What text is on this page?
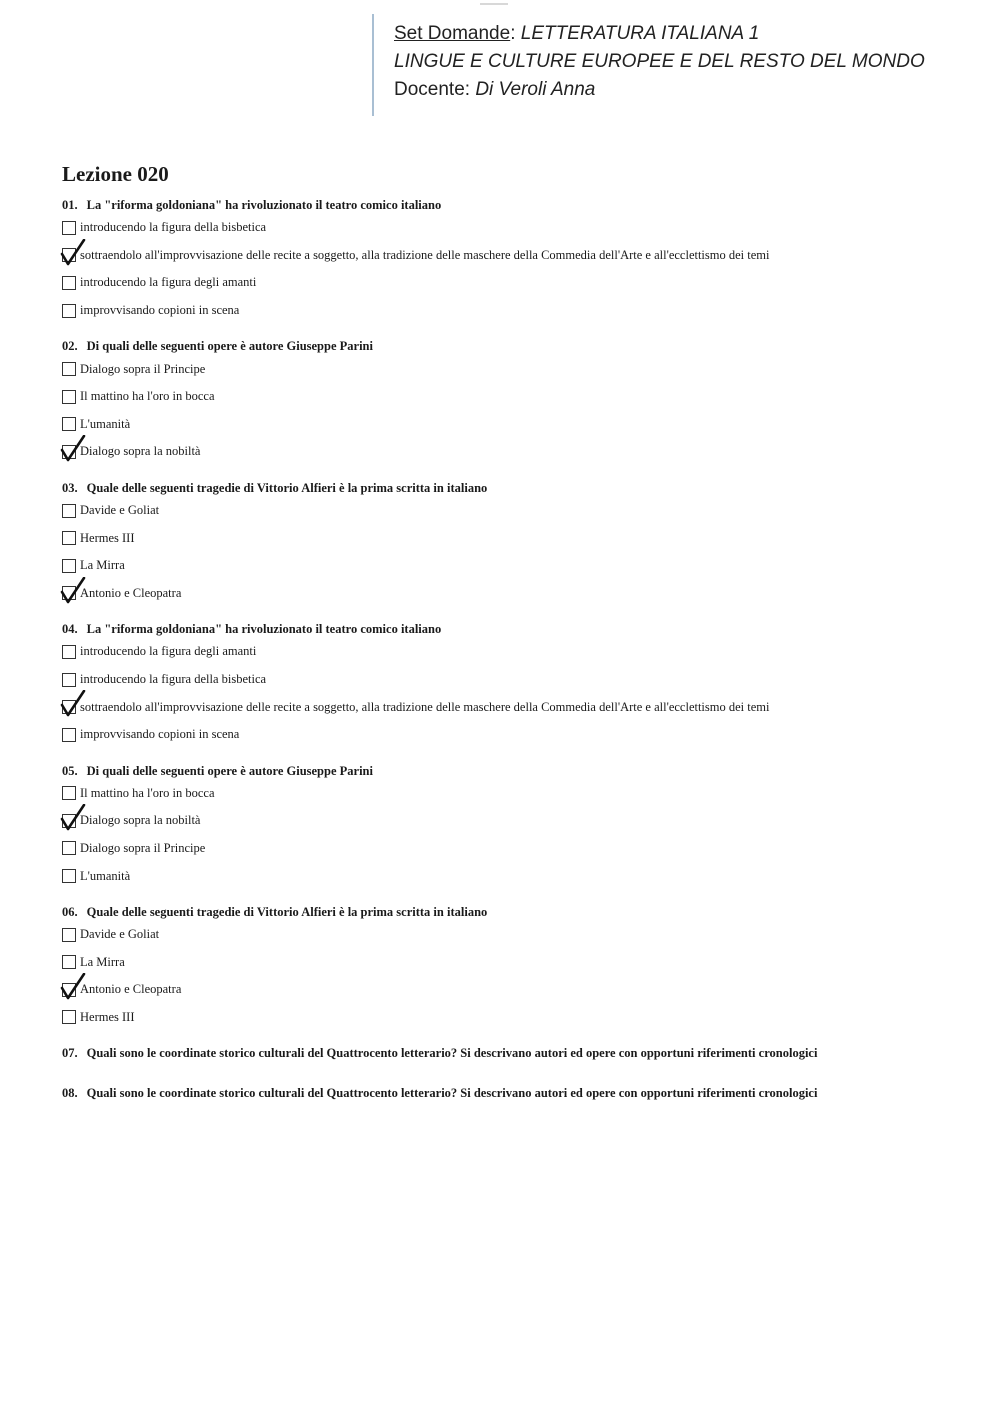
Set Domande: LETTERATURA ITALIANA 1
LINGUE E CULTURE EUROPEE E DEL RESTO DEL MONDO
Docente: Di Veroli Anna
Lezione 020
01. La "riforma goldoniana" ha rivoluzionato il teatro comico italiano
introducendo la figura della bisbetica
sottraendolo all'improvvisazione delle recite a soggetto, alla tradizione delle maschere della Commedia dell'Arte e all'ecclettismo dei temi
introducendo la figura degli amanti
improvvisando copioni in scena
02. Di quali delle seguenti opere è autore Giuseppe Parini
Dialogo sopra il Principe
Il mattino ha l'oro in bocca
L'umanità
Dialogo sopra la nobiltà
03. Quale delle seguenti tragedie di Vittorio Alfieri è la prima scritta in italiano
Davide e Goliat
Hermes III
La Mirra
Antonio e Cleopatra
04. La "riforma goldoniana" ha rivoluzionato il teatro comico italiano
introducendo la figura degli amanti
introducendo la figura della bisbetica
sottraendolo all'improvvisazione delle recite a soggetto, alla tradizione delle maschere della Commedia dell'Arte e all'ecclettismo dei temi
improvvisando copioni in scena
05. Di quali delle seguenti opere è autore Giuseppe Parini
Il mattino ha l'oro in bocca
Dialogo sopra la nobiltà
Dialogo sopra il Principe
L'umanità
06. Quale delle seguenti tragedie di Vittorio Alfieri è la prima scritta in italiano
Davide e Goliat
La Mirra
Antonio e Cleopatra
Hermes III
07. Quali sono le coordinate storico culturali del Quattrocento letterario? Si descrivano autori ed opere con opportuni riferimenti cronologici
08. Quali sono le coordinate storico culturali del Quattrocento letterario? Si descrivano autori ed opere con opportuni riferimenti cronologici
